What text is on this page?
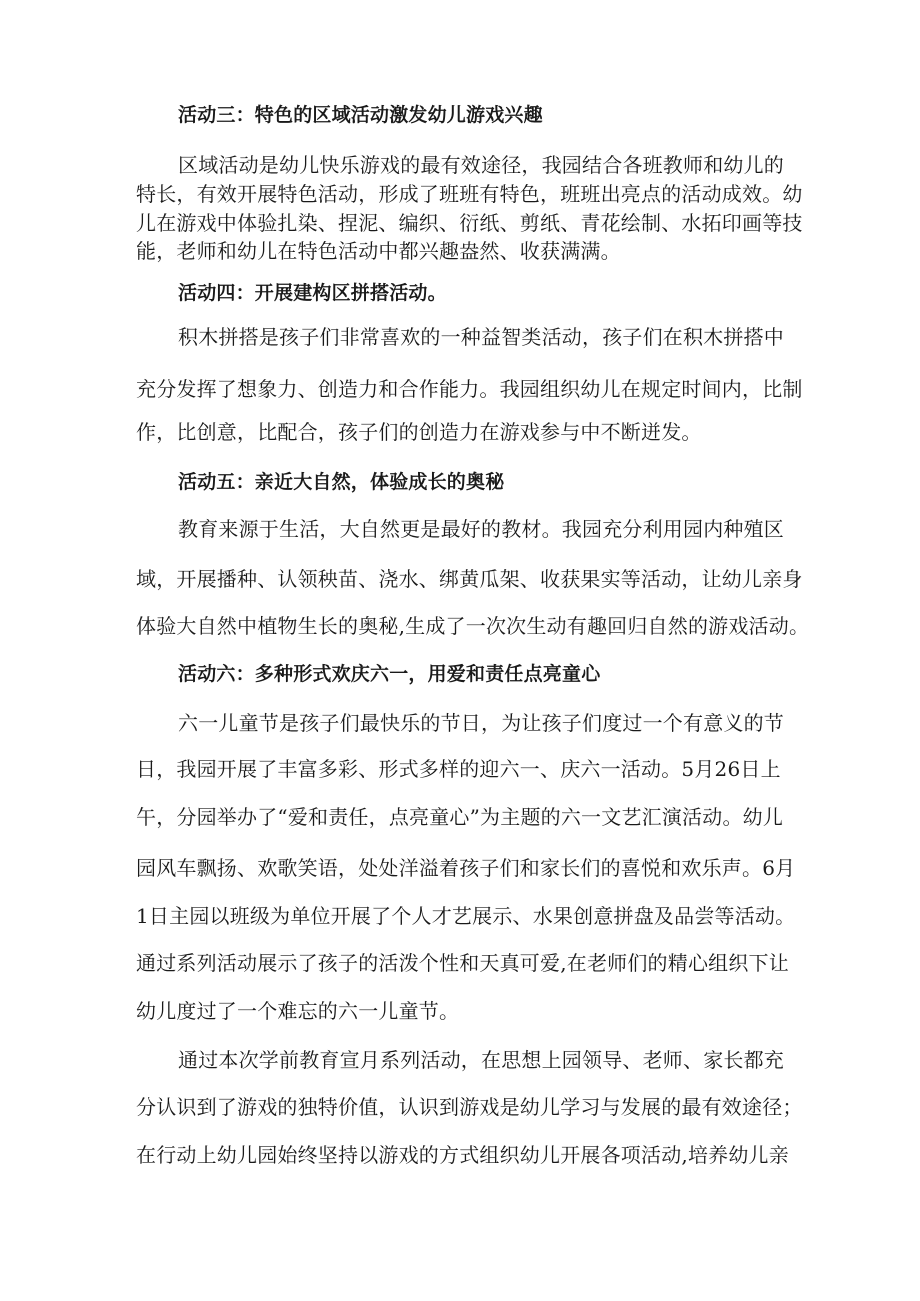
活动三：特色的区域活动激发幼儿游戏兴趣
区域活动是幼儿快乐游戏的最有效途径，我园结合各班教师和幼儿的
特长，有效开展特色活动，形成了班班有特色，班班出亮点的活动成效。幼
儿在游戏中体验扎染、捏泥、编织、衍纸、剪纸、青花绘制、水拓印画等技
能，老师和幼儿在特色活动中都兴趣盎然、收获满满。
活动四：开展建构区拼搭活动。
积木拼搭是孩子们非常喜欢的一种益智类活动，孩子们在积木拼搭中
充分发挥了想象力、创造力和合作能力。我园组织幼儿在规定时间内，比制
作，比创意，比配合，孩子们的创造力在游戏参与中不断迸发。
活动五：亲近大自然，体验成长的奥秘
教育来源于生活，大自然更是最好的教材。我园充分利用园内种殖区
域，开展播种、认领秧苗、浇水、绑黄瓜架、收获果实等活动，让幼儿亲身
体验大自然中植物生长的奥秘,生成了一次次生动有趣回归自然的游戏活动。
活动六：多种形式欢庆六一，用爱和责任点亮童心
六一儿童节是孩子们最快乐的节日，为让孩子们度过一个有意义的节
日，我园开展了丰富多彩、形式多样的迎六一、庆六一活动。5月26日上
午，分园举办了“爱和责任，点亮童心”为主题的六一文艺汇演活动。幼儿
园风车飘扬、欢歌笑语，处处洋溢着孩子们和家长们的喜悦和欢乐声。6月
1日主园以班级为单位开展了个人才艺展示、水果创意拼盘及品尝等活动。
通过系列活动展示了孩子的活泼个性和天真可爱,在老师们的精心组织下让
幼儿度过了一个难忘的六一儿童节。
通过本次学前教育宣月系列活动，在思想上园领导、老师、家长都充
分认识到了游戏的独特价值，认识到游戏是幼儿学习与发展的最有效途径；
在行动上幼儿园始终坚持以游戏的方式组织幼儿开展各项活动,培养幼儿亲
